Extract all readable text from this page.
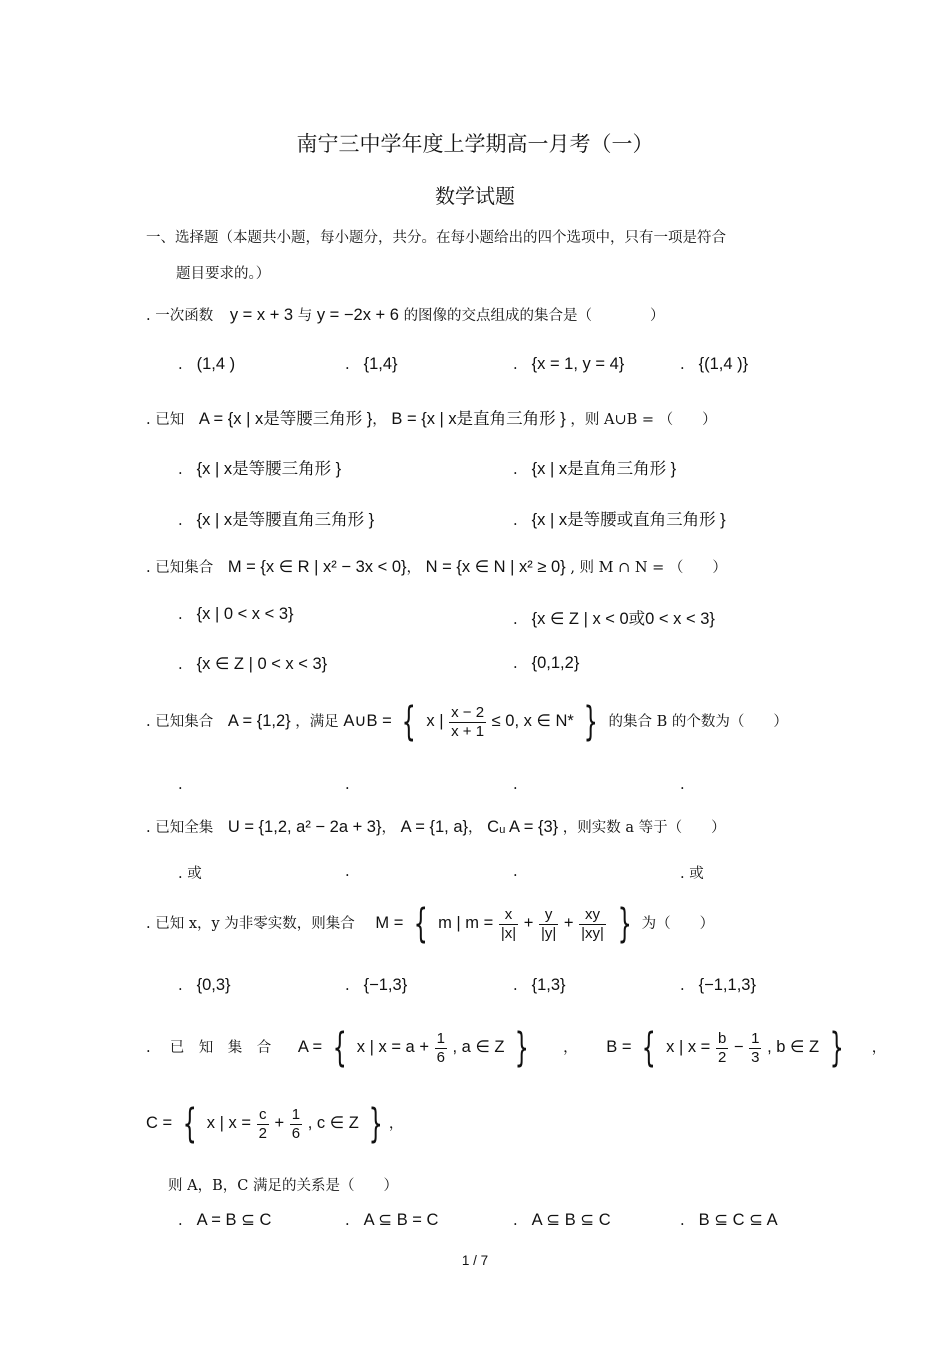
南宁三中学年度上学期高一月考（一）
数学试题
一、选择题（本题共小题，每小题分，共分。在每小题给出的四个选项中，只有一项是符合
题目要求的。）
. 一次函数 y = x + 3 与 y = −2x + 6 的图像的交点组成的集合是（　　　　）
. (1,4 )	. {1,4}	. {x = 1, y = 4}	. {(1,4 )}
. 已知 A = {x | x是等腰三角形 }， B = {x | x是直角三角形 } ，则 A∪B = （　　）
. {x | x是等腰三角形 }	. {x | x是直角三角形 }
. {x | x是等腰直角三角形 }	. {x | x是等腰或直角三角形 }
. 已知集合 M = {x ∈ R | x² − 3x < 0}， N = {x ∈ N | x² ≥ 0} , 则 M ∩ N = （　　）
. {x | 0 < x < 3}	. {x ∈ Z | x < 0或0 < x < 3}
. {x ∈ Z | 0 < x < 3}	. {0,1,2}
. 已知集合 A = {1,2} ，满足 A∪B = { x | $\frac{x - 2}{x + 1} \le 0$, x ∈ N* } 的集合 B 的个数为（　　）
.	.	.	.
. 已知全集 U = {1,2, a² − 2a + 3}， A = {1, a}， Cᵤ A = {3} ，则实数 a 等于（　　）
. 或	.	.	. 或
. 已知 x，y 为非零实数，则集合 M = { m | $m = \frac{x}{|x|} + \frac{y}{|y|} + \frac{xy}{|xy|}$ } 为（　　）
. {0,3}	. {−1,3}	. {1,3}	. {−1,1,3}
.　 已　知　集　合 A = { x | $x = a + \frac{1}{6}$ , a ∈ Z } ， B = { x | $x = \frac{b}{2} - \frac{1}{3}$ , b ∈ Z } ，
C = { x | $x = \frac{c}{2} + \frac{1}{6}$ , c ∈ Z } ，
则 A，B，C 满足的关系是（　　）
. A = B ⊆ C	. A ⊆ B = C	. A ⊆ B ⊆ C	. B ⊆ C ⊆ A
1 / 7
